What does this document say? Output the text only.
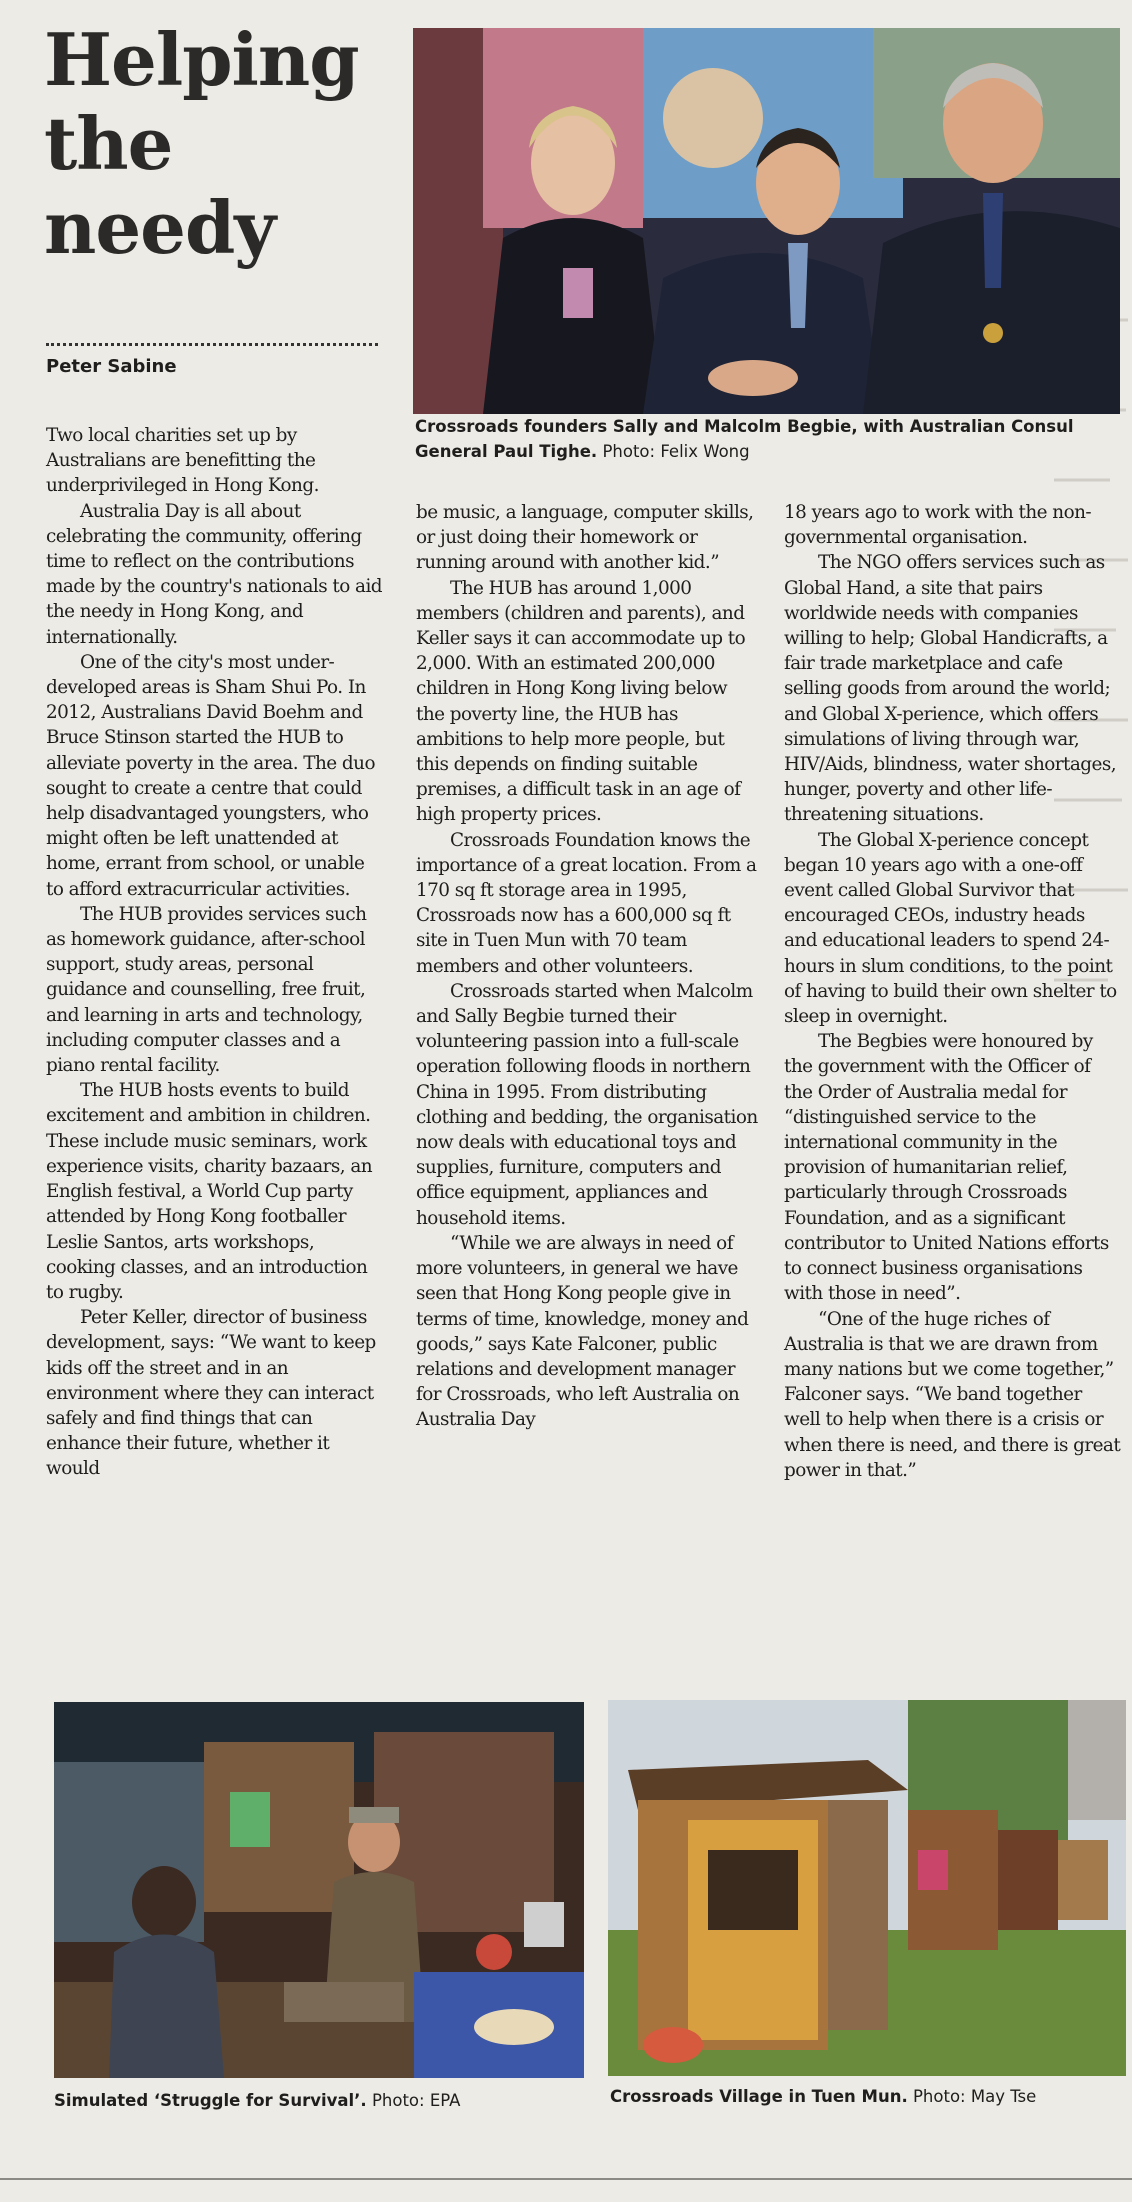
Helping
the
needy
Peter Sabine
Crossroads founders Sally and Malcolm Begbie, with Australian Consul General Paul Tighe. Photo: Felix Wong

Two local charities set up by Australians are benefitting the underprivileged in Hong Kong.

Australia Day is all about celebrating the community, offering time to reflect on the contributions made by the country's nationals to aid the needy in Hong Kong, and internationally.

One of the city's most under-developed areas is Sham Shui Po. In 2012, Australians David Boehm and Bruce Stinson started the HUB to alleviate poverty in the area. The duo sought to create a centre that could help disadvantaged youngsters, who might often be left unattended at home, errant from school, or unable to afford extracurricular activities.

The HUB provides services such as homework guidance, after-school support, study areas, personal guidance and counselling, free fruit, and learning in arts and technology, including computer classes and a piano rental facility.

The HUB hosts events to build excitement and ambition in children. These include music seminars, work experience visits, charity bazaars, an English festival, a World Cup party attended by Hong Kong footballer Leslie Santos, arts workshops, cooking classes, and an introduction to rugby.

Peter Keller, director of business development, says: “We want to keep kids off the street and in an environment where they can interact safely and find things that can enhance their future, whether it would

be music, a language, computer skills, or just doing their homework or running around with another kid.”

The HUB has around 1,000 members (children and parents), and Keller says it can accommodate up to 2,000. With an estimated 200,000 children in Hong Kong living below the poverty line, the HUB has ambitions to help more people, but this depends on finding suitable premises, a difficult task in an age of high property prices.

Crossroads Foundation knows the importance of a great location. From a 170 sq ft storage area in 1995, Crossroads now has a 600,000 sq ft site in Tuen Mun with 70 team members and other volunteers.

Crossroads started when Malcolm and Sally Begbie turned their volunteering passion into a full-scale operation following floods in northern China in 1995. From distributing clothing and bedding, the organisation now deals with educational toys and supplies, furniture, computers and office equipment, appliances and household items.

“While we are always in need of more volunteers, in general we have seen that Hong Kong people give in terms of time, knowledge, money and goods,” says Kate Falconer, public relations and development manager for Crossroads, who left Australia on Australia Day

18 years ago to work with the non-governmental organisation.

The NGO offers services such as Global Hand, a site that pairs worldwide needs with companies willing to help; Global Handicrafts, a fair trade marketplace and cafe selling goods from around the world; and Global X-perience, which offers simulations of living through war, HIV/Aids, blindness, water shortages, hunger, poverty and other life-threatening situations.

The Global X-perience concept began 10 years ago with a one-off event called Global Survivor that encouraged CEOs, industry heads and educational leaders to spend 24-hours in slum conditions, to the point of having to build their own shelter to sleep in overnight.

The Begbies were honoured by the government with the Officer of the Order of Australia medal for “distinguished service to the international community in the provision of humanitarian relief, particularly through Crossroads Foundation, and as a significant contributor to United Nations efforts to connect business organisations with those in need”.

“One of the huge riches of Australia is that we are drawn from many nations but we come together,” Falconer says. “We band together well to help when there is a crisis or when there is need, and there is great power in that.”

Simulated ‘Struggle for Survival’. Photo: EPA	Crossroads Village in Tuen Mun. Photo: May Tse
